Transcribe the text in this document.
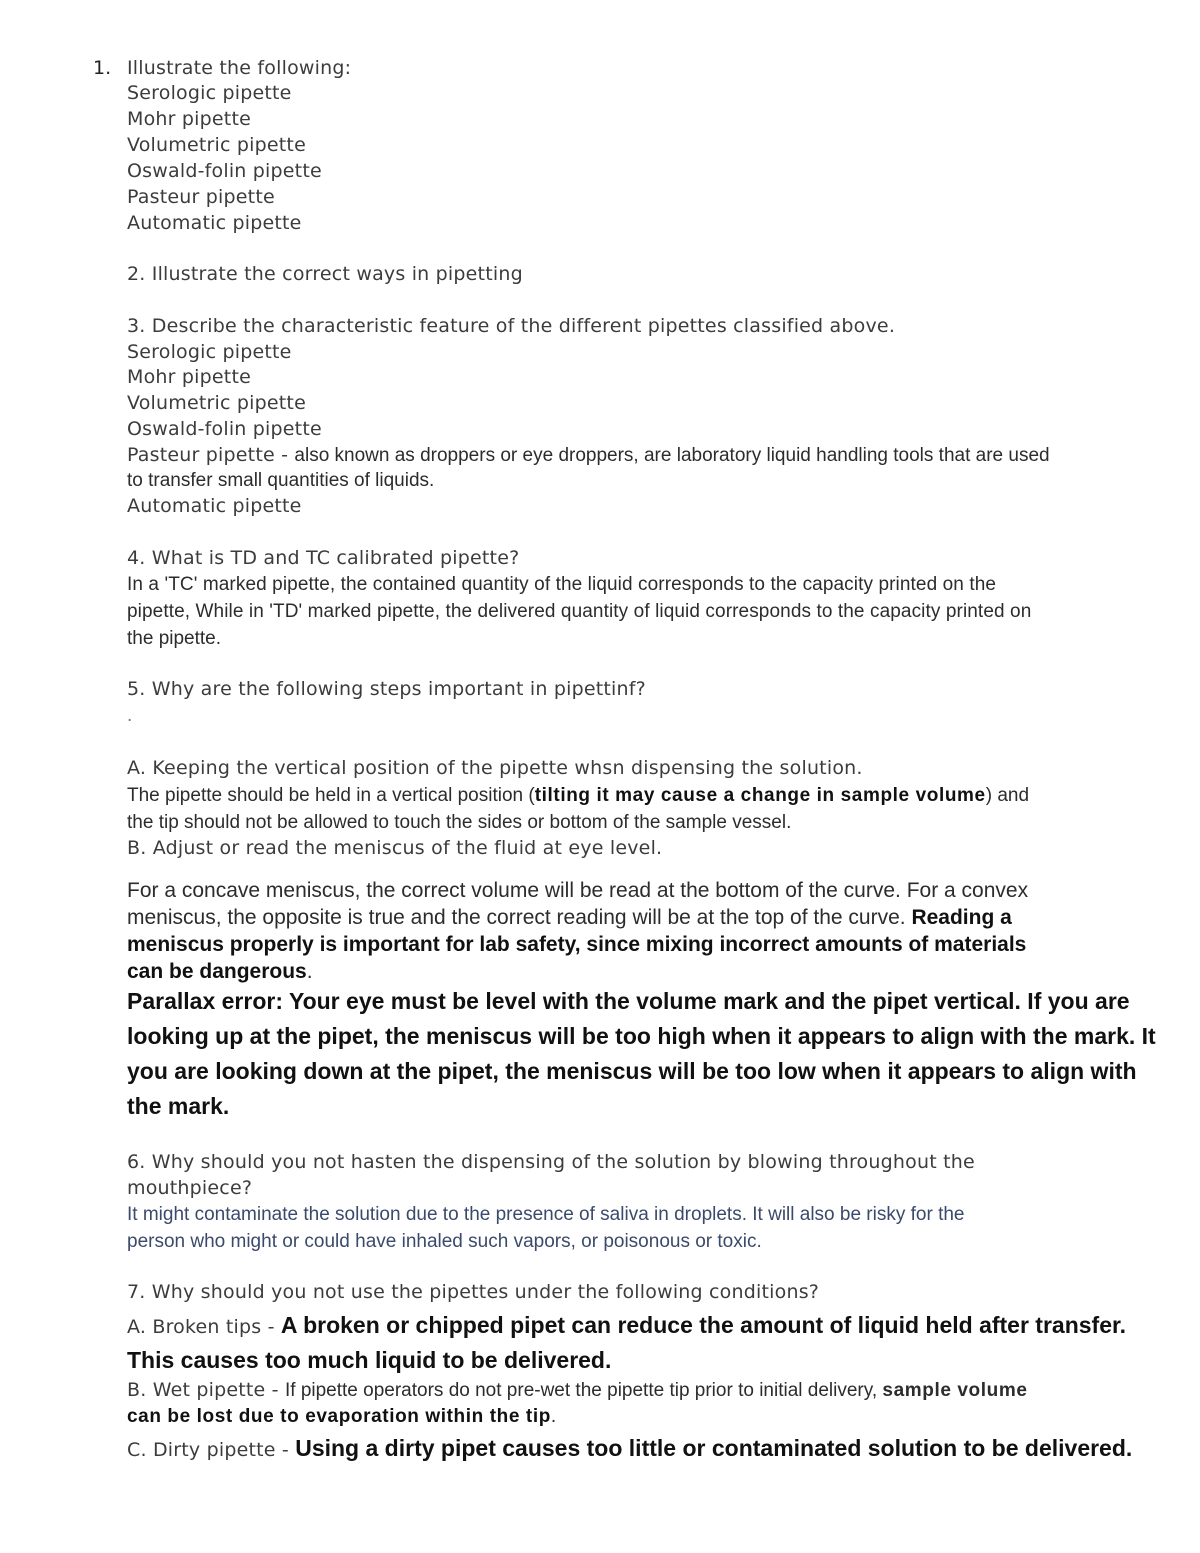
1. Illustrate the following:
Serologic pipette
Mohr pipette
Volumetric pipette
Oswald-folin pipette
Pasteur pipette
Automatic pipette
2. Illustrate the correct ways in pipetting
3. Describe the characteristic feature of the different pipettes classified above.
Serologic pipette
Mohr pipette
Volumetric pipette
Oswald-folin pipette
Pasteur pipette - also known as droppers or eye droppers, are laboratory liquid handling tools that are used
to transfer small quantities of liquids.
Automatic pipette
4. What is TD and TC calibrated pipette?
In a 'TC' marked pipette, the contained quantity of the liquid corresponds to the capacity printed on the
pipette, While in 'TD' marked pipette, the delivered quantity of liquid corresponds to the capacity printed on
the pipette.
5. Why are the following steps important in pipettinf?
.
A. Keeping the vertical position of the pipette whsn dispensing the solution.
The pipette should be held in a vertical position (tilting it may cause a change in sample volume) and
the tip should not be allowed to touch the sides or bottom of the sample vessel.
B. Adjust or read the meniscus of the fluid at eye level.
For a concave meniscus, the correct volume will be read at the bottom of the curve. For a convex
meniscus, the opposite is true and the correct reading will be at the top of the curve. Reading a
meniscus properly is important for lab safety, since mixing incorrect amounts of materials
can be dangerous.
Parallax error: Your eye must be level with the volume mark and the pipet vertical. If you are
looking up at the pipet, the meniscus will be too high when it appears to align with the mark. It
you are looking down at the pipet, the meniscus will be too low when it appears to align with
the mark.
6. Why should you not hasten the dispensing of the solution by blowing throughout the
mouthpiece?
It might contaminate the solution due to the presence of saliva in droplets. It will also be risky for the
person who might or could have inhaled such vapors, or poisonous or toxic.
7. Why should you not use the pipettes under the following conditions?
A. Broken tips - A broken or chipped pipet can reduce the amount of liquid held after transfer.
This causes too much liquid to be delivered.
B. Wet pipette - If pipette operators do not pre-wet the pipette tip prior to initial delivery, sample volume
can be lost due to evaporation within the tip.
C. Dirty pipette - Using a dirty pipet causes too little or contaminated solution to be delivered.
